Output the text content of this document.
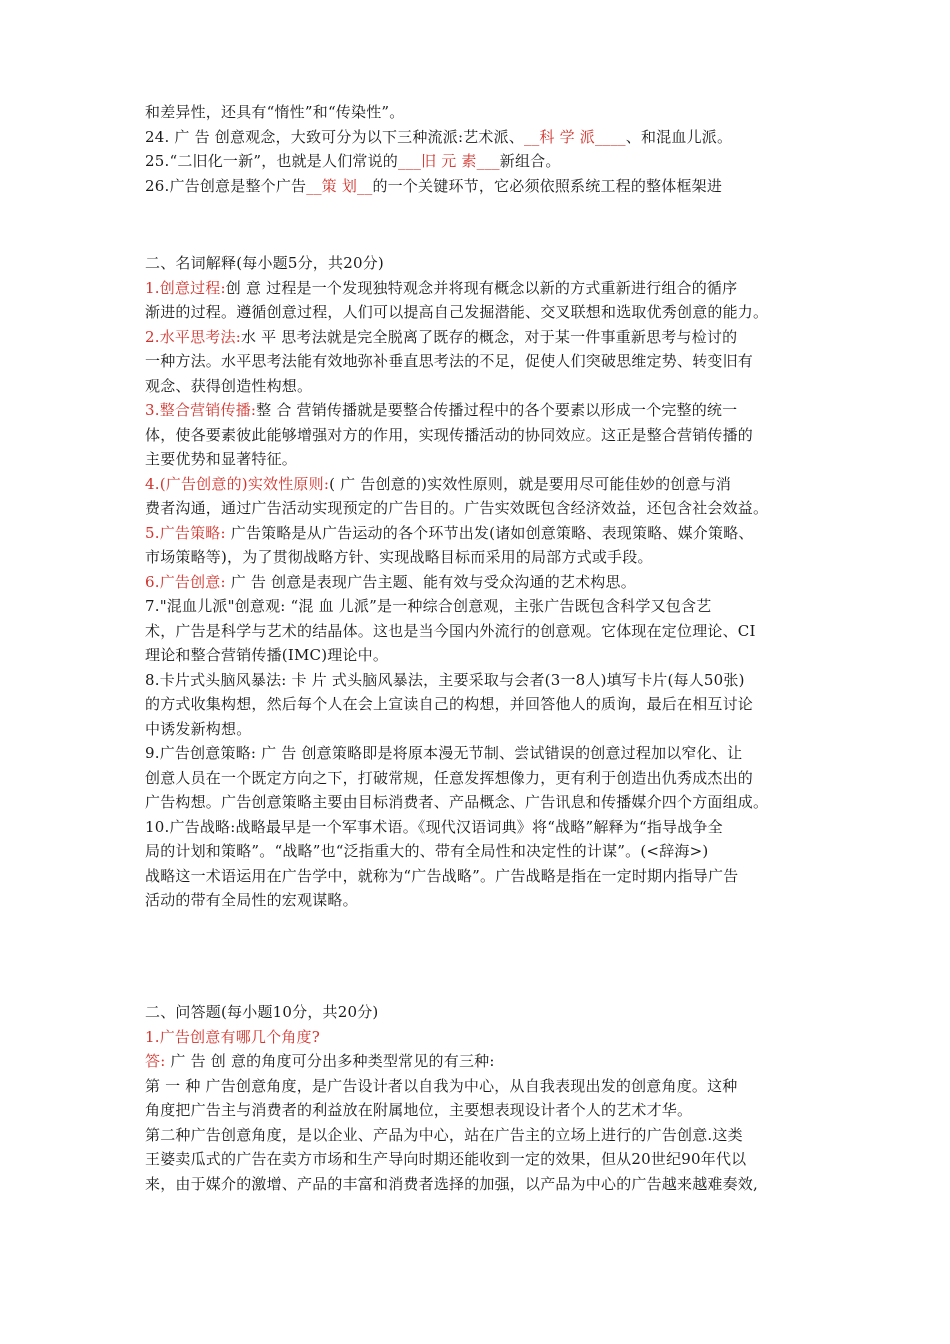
和差异性，还具有“惰性”和“传染性”。
24. 广 告 创意观念，大致可分为以下三种流派:艺术派、__科 学 派____、和混血儿派。
25.“二旧化一新”，也就是人们常说的___旧 元 素___新组合。
26.广告创意是整个广告__策 划__的一个关键环节，它必须依照系统工程的整体框架进
二、名词解释(每小题5分，共20分)
1.创意过程:创 意 过程是一个发现独特观念并将现有概念以新的方式重新进行组合的循序
渐进的过程。遵循创意过程，人们可以提高自己发掘潜能、交叉联想和选取优秀创意的能力。
2.水平思考法:水 平 思考法就是完全脱离了既存的概念，对于某一件事重新思考与检讨的
一种方法。水平思考法能有效地弥补垂直思考法的不足，促使人们突破思维定势、转变旧有
观念、获得创造性构想。
3.整合营销传播:整 合 营销传播就是要整合传播过程中的各个要素以形成一个完整的统一
体，使各要素彼此能够增强对方的作用，实现传播活动的协同效应。这正是整合营销传播的
主要优势和显著特征。
4.(广告创意的)实效性原则:( 广 告创意的)实效性原则，就是要用尽可能佳妙的创意与消
费者沟通，通过广告活动实现预定的广告目的。广告实效既包含经济效益，还包含社会效益。
5.广告策略: 广告策略是从广告运动的各个环节出发(诸如创意策略、表现策略、媒介策略、
市场策略等)，为了贯彻战略方针、实现战略目标而采用的局部方式或手段。
6.广告创意: 广 告 创意是表现广告主题、能有效与受众沟通的艺术构思。
7."混血儿派"创意观: “混 血 儿派”是一种综合创意观，主张广告既包含科学又包含艺
术，广告是科学与艺术的结晶体。这也是当今国内外流行的创意观。它体现在定位理论、CI
理论和整合营销传播(IMC)理论中。
8.卡片式头脑风暴法: 卡 片 式头脑风暴法，主要采取与会者(3一8人)填写卡片(每人50张)
的方式收集构想，然后每个人在会上宣读自己的构想，并回答他人的质询，最后在相互讨论
中诱发新构想。
9.广告创意策略: 广 告 创意策略即是将原本漫无节制、尝试错误的创意过程加以窄化、让
创意人员在一个既定方向之下，打破常规，任意发挥想像力，更有利于创造出仇秀成杰出的
广告构想。广告创意策略主要由目标消费者、产品概念、广告讯息和传播媒介四个方面组成。
10.广告战略:战略最早是一个军事术语。《现代汉语词典》将“战略”解释为“指导战争全
局的计划和策略”。“战略”也“泛指重大的、带有全局性和决定性的计谋”。(<辞海>)
战略这一术语运用在广告学中，就称为“广告战略”。广告战略是指在一定时期内指导广告
活动的带有全局性的宏观谋略。
二、问答题(每小题10分，共20分)
1.广告创意有哪几个角度?
答: 广 告 创 意的角度可分出多种类型常见的有三种:
第 一 种 广告创意角度，是广告设计者以自我为中心，从自我表现出发的创意角度。这种
角度把广告主与消费者的利益放在附属地位，主要想表现设计者个人的艺术才华。
第二种广告创意角度，是以企业、产品为中心，站在广告主的立场上进行的广告创意.这类
王婆卖瓜式的广告在卖方市场和生产导向时期还能收到一定的效果，但从20世纪90年代以
来，由于媒介的激增、产品的丰富和消费者选择的加强，以产品为中心的广告越来越难奏效,
